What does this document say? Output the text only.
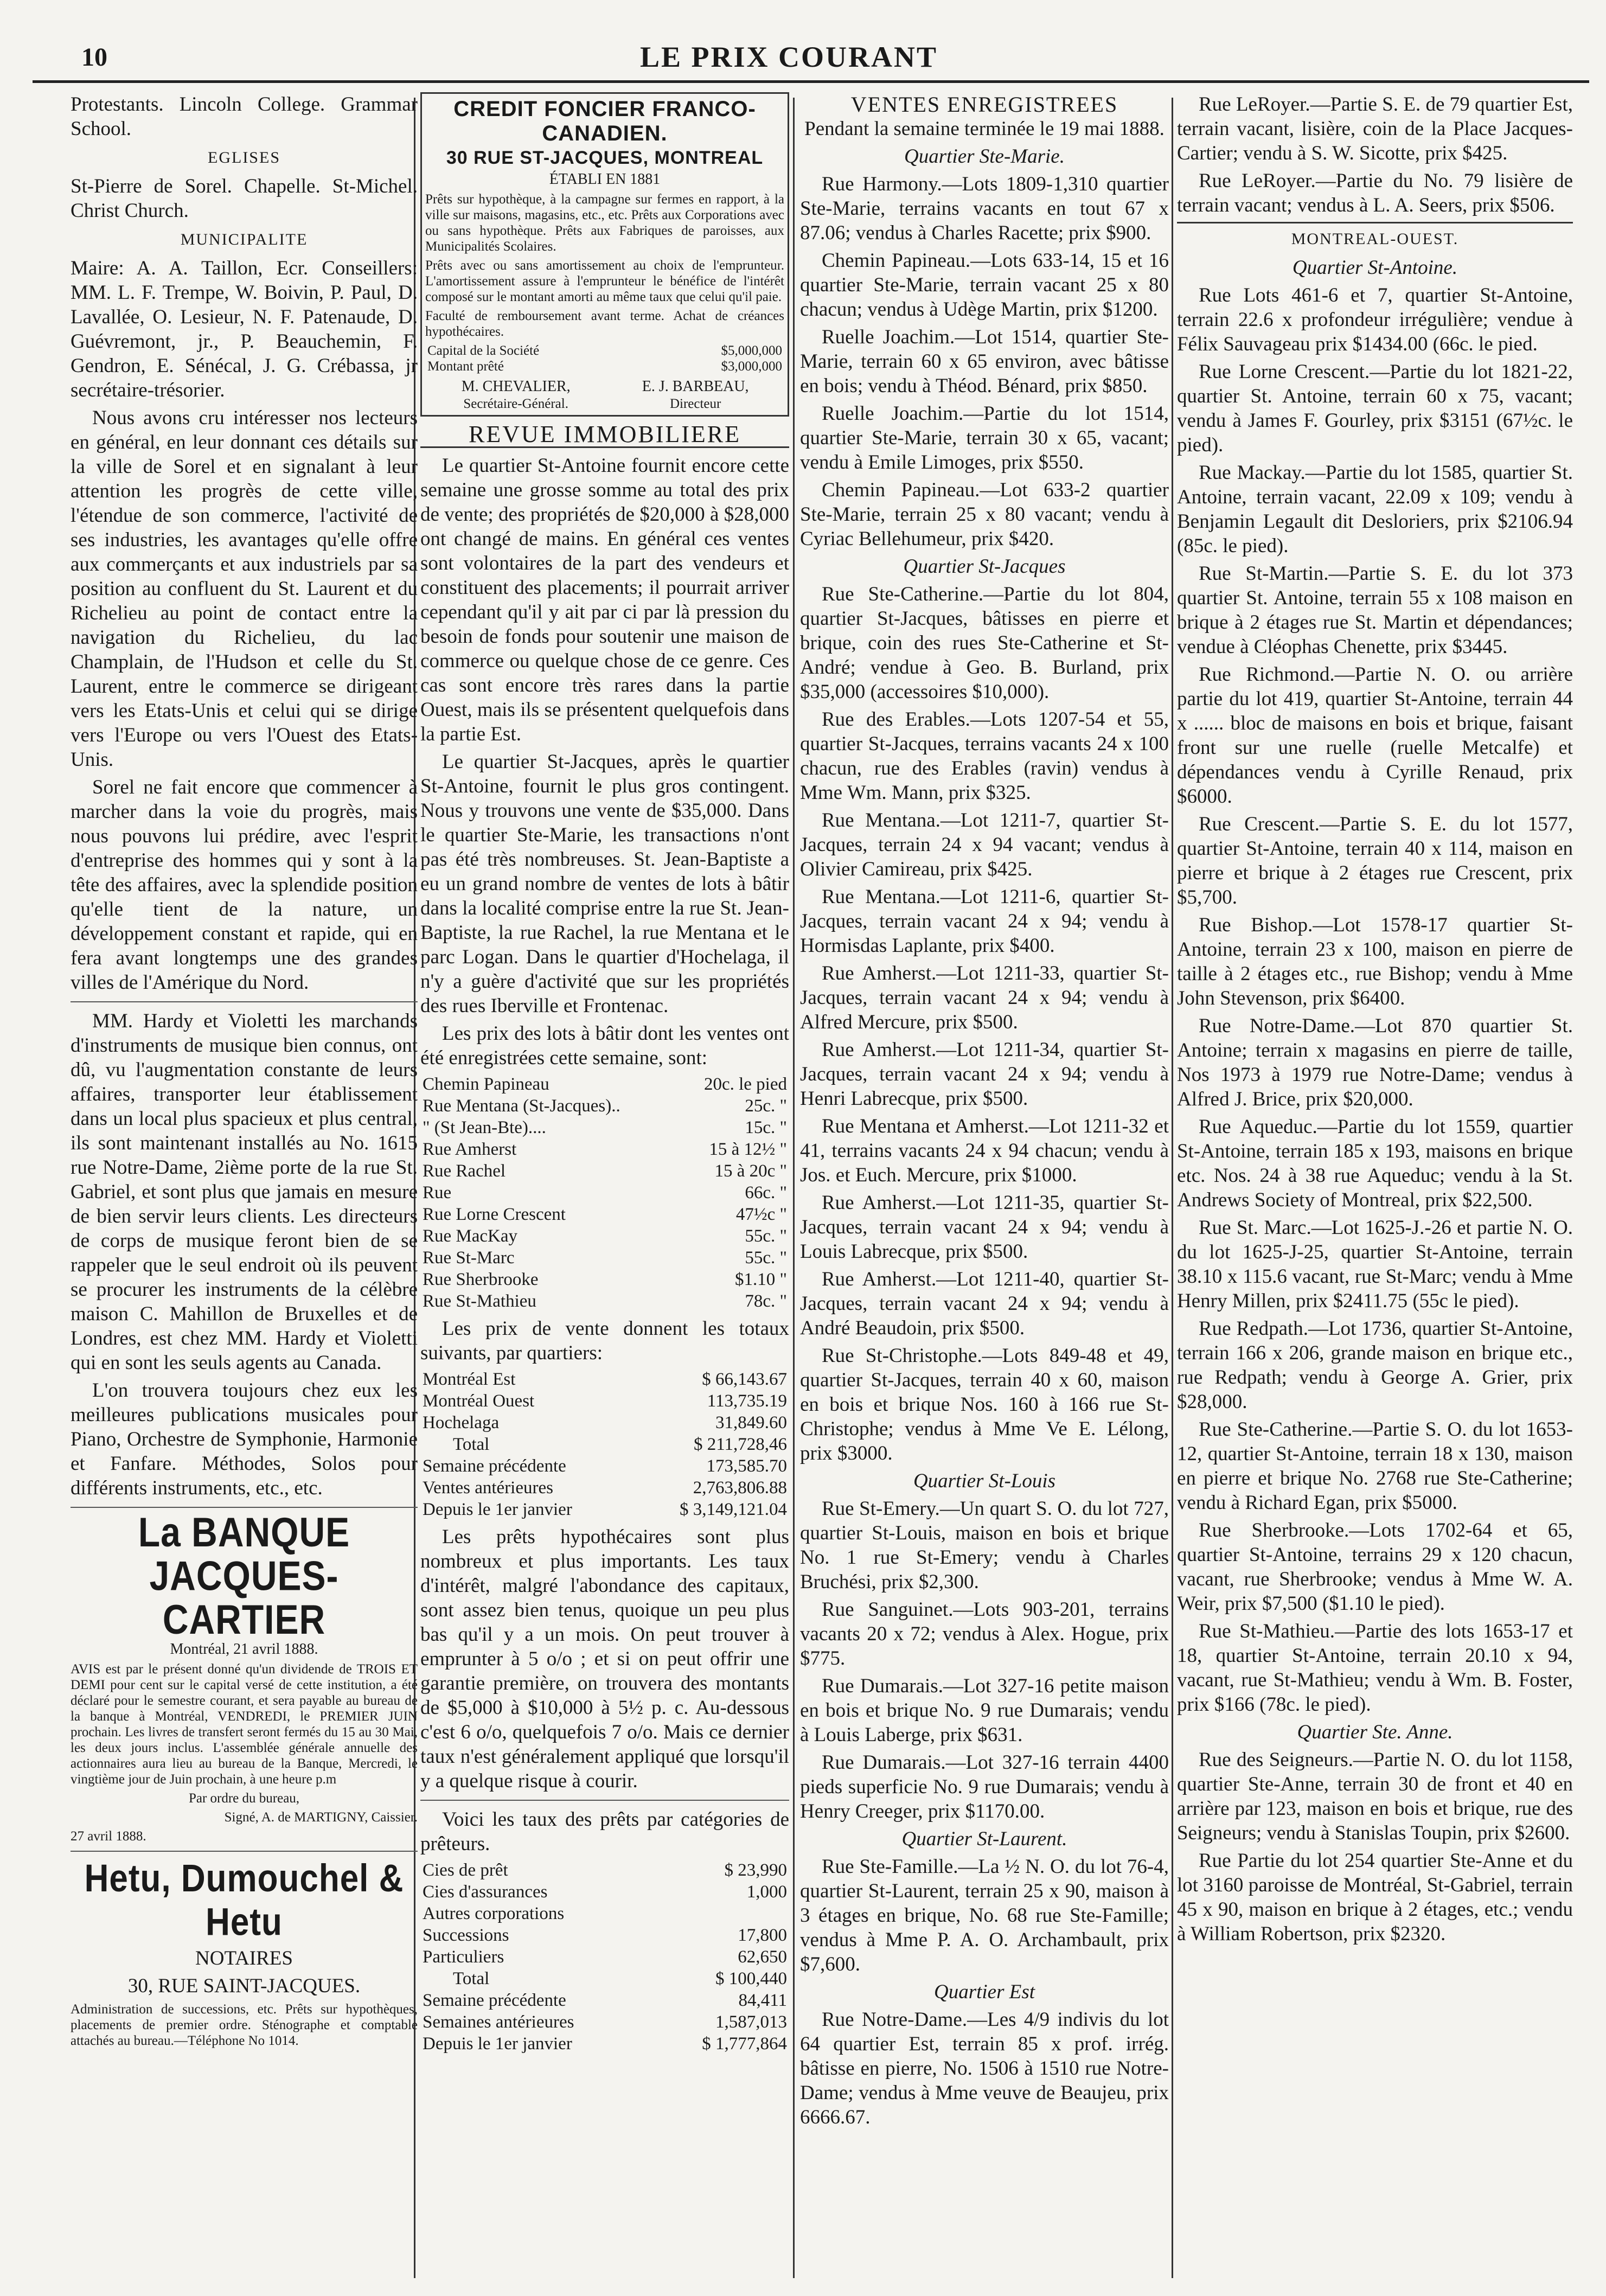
10	LE PRIX COURANT

Protestants. Lincoln College. Grammar School.

EGLISES

St-Pierre de Sorel. Chapelle. St-Michel. Christ Church.

MUNICIPALITE

Maire: A. A. Taillon, Ecr. Conseillers: MM. L. F. Trempe, W. Boivin, P. Paul, D. Lavallée, O. Lesieur, N. F. Patenaude, D. Guévremont, jr., P. Beauchemin, F. Gendron, E. Sénécal, J. G. Crébassa, jr secrétaire-trésorier.

Nous avons cru intéresser nos lecteurs en général, en leur donnant ces détails sur la ville de Sorel et en signalant à leur attention les progrès de cette ville, l'étendue de son commerce, l'activité de ses industries, les avantages qu'elle offre aux commerçants et aux industriels par sa position au confluent du St. Laurent et du Richelieu au point de contact entre la navigation du Richelieu, du lac Champlain, de l'Hudson et celle du St. Laurent, entre le commerce se dirigeant vers les Etats-Unis et celui qui se dirige vers l'Europe ou vers l'Ouest des Etats-Unis.

Sorel ne fait encore que commencer à marcher dans la voie du progrès, mais nous pouvons lui prédire, avec l'esprit d'entreprise des hommes qui y sont à la tête des affaires, avec la splendide position qu'elle tient de la nature, un développement constant et rapide, qui en fera avant longtemps une des grandes villes de l'Amérique du Nord.

MM. Hardy et Violetti les marchands d'instruments de musique bien connus, ont dû, vu l'augmentation constante de leurs affaires, transporter leur établissement dans un local plus spacieux et plus central, ils sont maintenant installés au No. 1615 rue Notre-Dame, 2ième porte de la rue St. Gabriel, et sont plus que jamais en mesure de bien servir leurs clients. Les directeurs de corps de musique feront bien de se rappeler que le seul endroit où ils peuvent se procurer les instruments de la célèbre maison C. Mahillon de Bruxelles et de Londres, est chez MM. Hardy et Violetti qui en sont les seuls agents au Canada.

L'on trouvera toujours chez eux les meilleures publications musicales pour Piano, Orchestre de Symphonie, Harmonie et Fanfare. Méthodes, Solos pour différents instruments, etc., etc.

La BANQUE JACQUES-CARTIER

Montréal, 21 avril 1888.

AVIS est par le présent donné qu'un dividende de TROIS ET DEMI pour cent sur le capital versé de cette institution, a été déclaré pour le semestre courant, et sera payable au bureau de la banque à Montréal, VENDREDI, le PREMIER JUIN prochain. Les livres de transfert seront fermés du 15 au 30 Mai, les deux jours inclus. L'assemblée générale annuelle des actionnaires aura lieu au bureau de la Banque, Mercredi, le vingtième jour de Juin prochain, à une heure p.m

Par ordre du bureau,

Signé, A. de MARTIGNY, Caissier.

27 avril 1888.

Hetu, Dumouchel & Hetu

NOTAIRES

30, RUE SAINT-JACQUES.

Administration de successions, etc. Prêts sur hypothèques, placements de premier ordre. Sténographe et comptable attachés au bureau.—Téléphone No 1014.

CREDIT FONCIER FRANCO-CANADIEN.
30 RUE ST-JACQUES, MONTREAL

ÉTABLI EN 1881

Prêts sur hypothèque, à la campagne sur fermes en rapport, à la ville sur maisons, magasins, etc., etc. Prêts aux Corporations avec ou sans hypothèque. Prêts aux Fabriques de paroisses, aux Municipalités Scolaires.

Prêts avec ou sans amortissement au choix de l'emprunteur. L'amortissement assure à l'emprunteur le bénéfice de l'intérêt composé sur le montant amorti au même taux que celui qu'il paie.

Faculté de remboursement avant terme. Achat de créances hypothécaires.

Capital de la Société	$5,000,000
Montant prêté	$3,000,000
M. CHEVALIER,	E. J. BARBEAU,
Secrétaire-Général.	Directeur
REVUE IMMOBILIERE

Le quartier St-Antoine fournit encore cette semaine une grosse somme au total des prix de vente; des propriétés de $20,000 à $28,000 ont changé de mains. En général ces ventes sont volontaires de la part des vendeurs et constituent des placements; il pourrait arriver cependant qu'il y ait par ci par là pression du besoin de fonds pour soutenir une maison de commerce ou quelque chose de ce genre. Ces cas sont encore très rares dans la partie Ouest, mais ils se présentent quelquefois dans la partie Est.

Le quartier St-Jacques, après le quartier St-Antoine, fournit le plus gros contingent. Nous y trouvons une vente de $35,000. Dans le quartier Ste-Marie, les transactions n'ont pas été très nombreuses. St. Jean-Baptiste a eu un grand nombre de ventes de lots à bâtir dans la localité comprise entre la rue St. Jean-Baptiste, la rue Rachel, la rue Mentana et le parc Logan. Dans le quartier d'Hochelaga, il n'y a guère d'activité que sur les propriétés des rues Iberville et Frontenac.

Les prix des lots à bâtir dont les ventes ont été enregistrées cette semaine, sont:

Chemin Papineau	20c. le pied
Rue Mentana (St-Jacques)..	25c. "
" (St Jean-Bte)....	15c. "
Rue Amherst	15 à 12½ "
Rue Rachel	15 à 20c "
Rue	66c. "
Rue Lorne Crescent	47½c "
Rue MacKay	55c. "
Rue St-Marc	55c. "
Rue Sherbrooke	$1.10 "
Rue St-Mathieu	78c. "

Les prix de vente donnent les totaux suivants, par quartiers:

Montréal Est	$ 66,143.67
Montréal Ouest	113,735.19
Hochelaga	31,849.60
Total	$ 211,728,46
Semaine précédente	173,585.70
Ventes antérieures	2,763,806.88
Depuis le 1er janvier	$ 3,149,121.04

Les prêts hypothécaires sont plus nombreux et plus importants. Les taux d'intérêt, malgré l'abondance des capitaux, sont assez bien tenus, quoique un peu plus bas qu'il y a un mois. On peut trouver à emprunter à 5 o/o ; et si on peut offrir une garantie première, on trouvera des montants de $5,000 à $10,000 à 5½ p. c. Au-dessous c'est 6 o/o, quelquefois 7 o/o. Mais ce dernier taux n'est généralement appliqué que lorsqu'il y a quelque risque à courir.

Voici les taux des prêts par catégories de prêteurs.

Cies de prêt	$ 23,990
Cies d'assurances	1,000
Autres corporations	
Successions	17,800
Particuliers	62,650
Total	$ 100,440
Semaine précédente	84,411
Semaines antérieures	1,587,013
Depuis le 1er janvier	$ 1,777,864
VENTES ENREGISTREES

Pendant la semaine terminée le 19 mai 1888.

Quartier Ste-Marie.

Rue Harmony.—Lots 1809-1,310 quartier Ste-Marie, terrains vacants en tout 67 x 87.06; vendus à Charles Racette; prix $900.

Chemin Papineau.—Lots 633-14, 15 et 16 quartier Ste-Marie, terrain vacant 25 x 80 chacun; vendus à Udège Martin, prix $1200.

Ruelle Joachim.—Lot 1514, quartier Ste-Marie, terrain 60 x 65 environ, avec bâtisse en bois; vendu à Théod. Bénard, prix $850.

Ruelle Joachim.—Partie du lot 1514, quartier Ste-Marie, terrain 30 x 65, vacant; vendu à Emile Limoges, prix $550.

Chemin Papineau.—Lot 633-2 quartier Ste-Marie, terrain 25 x 80 vacant; vendu à Cyriac Bellehumeur, prix $420.

Quartier St-Jacques

Rue Ste-Catherine.—Partie du lot 804, quartier St-Jacques, bâtisses en pierre et brique, coin des rues Ste-Catherine et St-André; vendue à Geo. B. Burland, prix $35,000 (accessoires $10,000).

Rue des Erables.—Lots 1207-54 et 55, quartier St-Jacques, terrains vacants 24 x 100 chacun, rue des Erables (ravin) vendus à Mme Wm. Mann, prix $325.

Rue Mentana.—Lot 1211-7, quartier St-Jacques, terrain 24 x 94 vacant; vendus à Olivier Camireau, prix $425.

Rue Mentana.—Lot 1211-6, quartier St-Jacques, terrain vacant 24 x 94; vendu à Hormisdas Laplante, prix $400.

Rue Amherst.—Lot 1211-33, quartier St-Jacques, terrain vacant 24 x 94; vendu à Alfred Mercure, prix $500.

Rue Amherst.—Lot 1211-34, quartier St-Jacques, terrain vacant 24 x 94; vendu à Henri Labrecque, prix $500.

Rue Mentana et Amherst.—Lot 1211-32 et 41, terrains vacants 24 x 94 chacun; vendu à Jos. et Euch. Mercure, prix $1000.

Rue Amherst.—Lot 1211-35, quartier St-Jacques, terrain vacant 24 x 94; vendu à Louis Labrecque, prix $500.

Rue Amherst.—Lot 1211-40, quartier St-Jacques, terrain vacant 24 x 94; vendu à André Beaudoin, prix $500.

Rue St-Christophe.—Lots 849-48 et 49, quartier St-Jacques, terrain 40 x 60, maison en bois et brique Nos. 160 à 166 rue St-Christophe; vendus à Mme Ve E. Lélong, prix $3000.

Quartier St-Louis

Rue St-Emery.—Un quart S. O. du lot 727, quartier St-Louis, maison en bois et brique No. 1 rue St-Emery; vendu à Charles Bruchési, prix $2,300.

Rue Sanguinet.—Lots 903-201, terrains vacants 20 x 72; vendus à Alex. Hogue, prix $775.

Rue Dumarais.—Lot 327-16 petite maison en bois et brique No. 9 rue Dumarais; vendu à Louis Laberge, prix $631.

Rue Dumarais.—Lot 327-16 terrain 4400 pieds superficie No. 9 rue Dumarais; vendu à Henry Creeger, prix $1170.00.

Quartier St-Laurent.

Rue Ste-Famille.—La ½ N. O. du lot 76-4, quartier St-Laurent, terrain 25 x 90, maison à 3 étages en brique, No. 68 rue Ste-Famille; vendus à Mme P. A. O. Archambault, prix $7,600.

Quartier Est

Rue Notre-Dame.—Les 4/9 indivis du lot 64 quartier Est, terrain 85 x prof. irrég. bâtisse en pierre, No. 1506 à 1510 rue Notre-Dame; vendus à Mme veuve de Beaujeu, prix 6666.67.

Rue LeRoyer.—Partie S. E. de 79 quartier Est, terrain vacant, lisière, coin de la Place Jacques-Cartier; vendu à S. W. Sicotte, prix $425.

Rue LeRoyer.—Partie du No. 79 lisière de terrain vacant; vendus à L. A. Seers, prix $506.

MONTREAL-OUEST.

Quartier St-Antoine.

Rue Lots 461-6 et 7, quartier St-Antoine, terrain 22.6 x profondeur irrégulière; vendue à Félix Sauvageau prix $1434.00 (66c. le pied.

Rue Lorne Crescent.—Partie du lot 1821-22, quartier St. Antoine, terrain 60 x 75, vacant; vendu à James F. Gourley, prix $3151 (67½c. le pied).

Rue Mackay.—Partie du lot 1585, quartier St. Antoine, terrain vacant, 22.09 x 109; vendu à Benjamin Legault dit Desloriers, prix $2106.94 (85c. le pied).

Rue St-Martin.—Partie S. E. du lot 373 quartier St. Antoine, terrain 55 x 108 maison en brique à 2 étages rue St. Martin et dépendances; vendue à Cléophas Chenette, prix $3445.

Rue Richmond.—Partie N. O. ou arrière partie du lot 419, quartier St-Antoine, terrain 44 x ...... bloc de maisons en bois et brique, faisant front sur une ruelle (ruelle Metcalfe) et dépendances vendu à Cyrille Renaud, prix $6000.

Rue Crescent.—Partie S. E. du lot 1577, quartier St-Antoine, terrain 40 x 114, maison en pierre et brique à 2 étages rue Crescent, prix $5,700.

Rue Bishop.—Lot 1578-17 quartier St-Antoine, terrain 23 x 100, maison en pierre de taille à 2 étages etc., rue Bishop; vendu à Mme John Stevenson, prix $6400.

Rue Notre-Dame.—Lot 870 quartier St. Antoine; terrain x magasins en pierre de taille, Nos 1973 à 1979 rue Notre-Dame; vendus à Alfred J. Brice, prix $20,000.

Rue Aqueduc.—Partie du lot 1559, quartier St-Antoine, terrain 185 x 193, maisons en brique etc. Nos. 24 à 38 rue Aqueduc; vendu à la St. Andrews Society of Montreal, prix $22,500.

Rue St. Marc.—Lot 1625-J.-26 et partie N. O. du lot 1625-J-25, quartier St-Antoine, terrain 38.10 x 115.6 vacant, rue St-Marc; vendu à Mme Henry Millen, prix $2411.75 (55c le pied).

Rue Redpath.—Lot 1736, quartier St-Antoine, terrain 166 x 206, grande maison en brique etc., rue Redpath; vendu à George A. Grier, prix $28,000.

Rue Ste-Catherine.—Partie S. O. du lot 1653-12, quartier St-Antoine, terrain 18 x 130, maison en pierre et brique No. 2768 rue Ste-Catherine; vendu à Richard Egan, prix $5000.

Rue Sherbrooke.—Lots 1702-64 et 65, quartier St-Antoine, terrains 29 x 120 chacun, vacant, rue Sherbrooke; vendus à Mme W. A. Weir, prix $7,500 ($1.10 le pied).

Rue St-Mathieu.—Partie des lots 1653-17 et 18, quartier St-Antoine, terrain 20.10 x 94, vacant, rue St-Mathieu; vendu à Wm. B. Foster, prix $166 (78c. le pied).

Quartier Ste. Anne.

Rue des Seigneurs.—Partie N. O. du lot 1158, quartier Ste-Anne, terrain 30 de front et 40 en arrière par 123, maison en bois et brique, rue des Seigneurs; vendu à Stanislas Toupin, prix $2600.

Rue Partie du lot 254 quartier Ste-Anne et du lot 3160 paroisse de Montréal, St-Gabriel, terrain 45 x 90, maison en brique à 2 étages, etc.; vendu à William Robertson, prix $2320.
